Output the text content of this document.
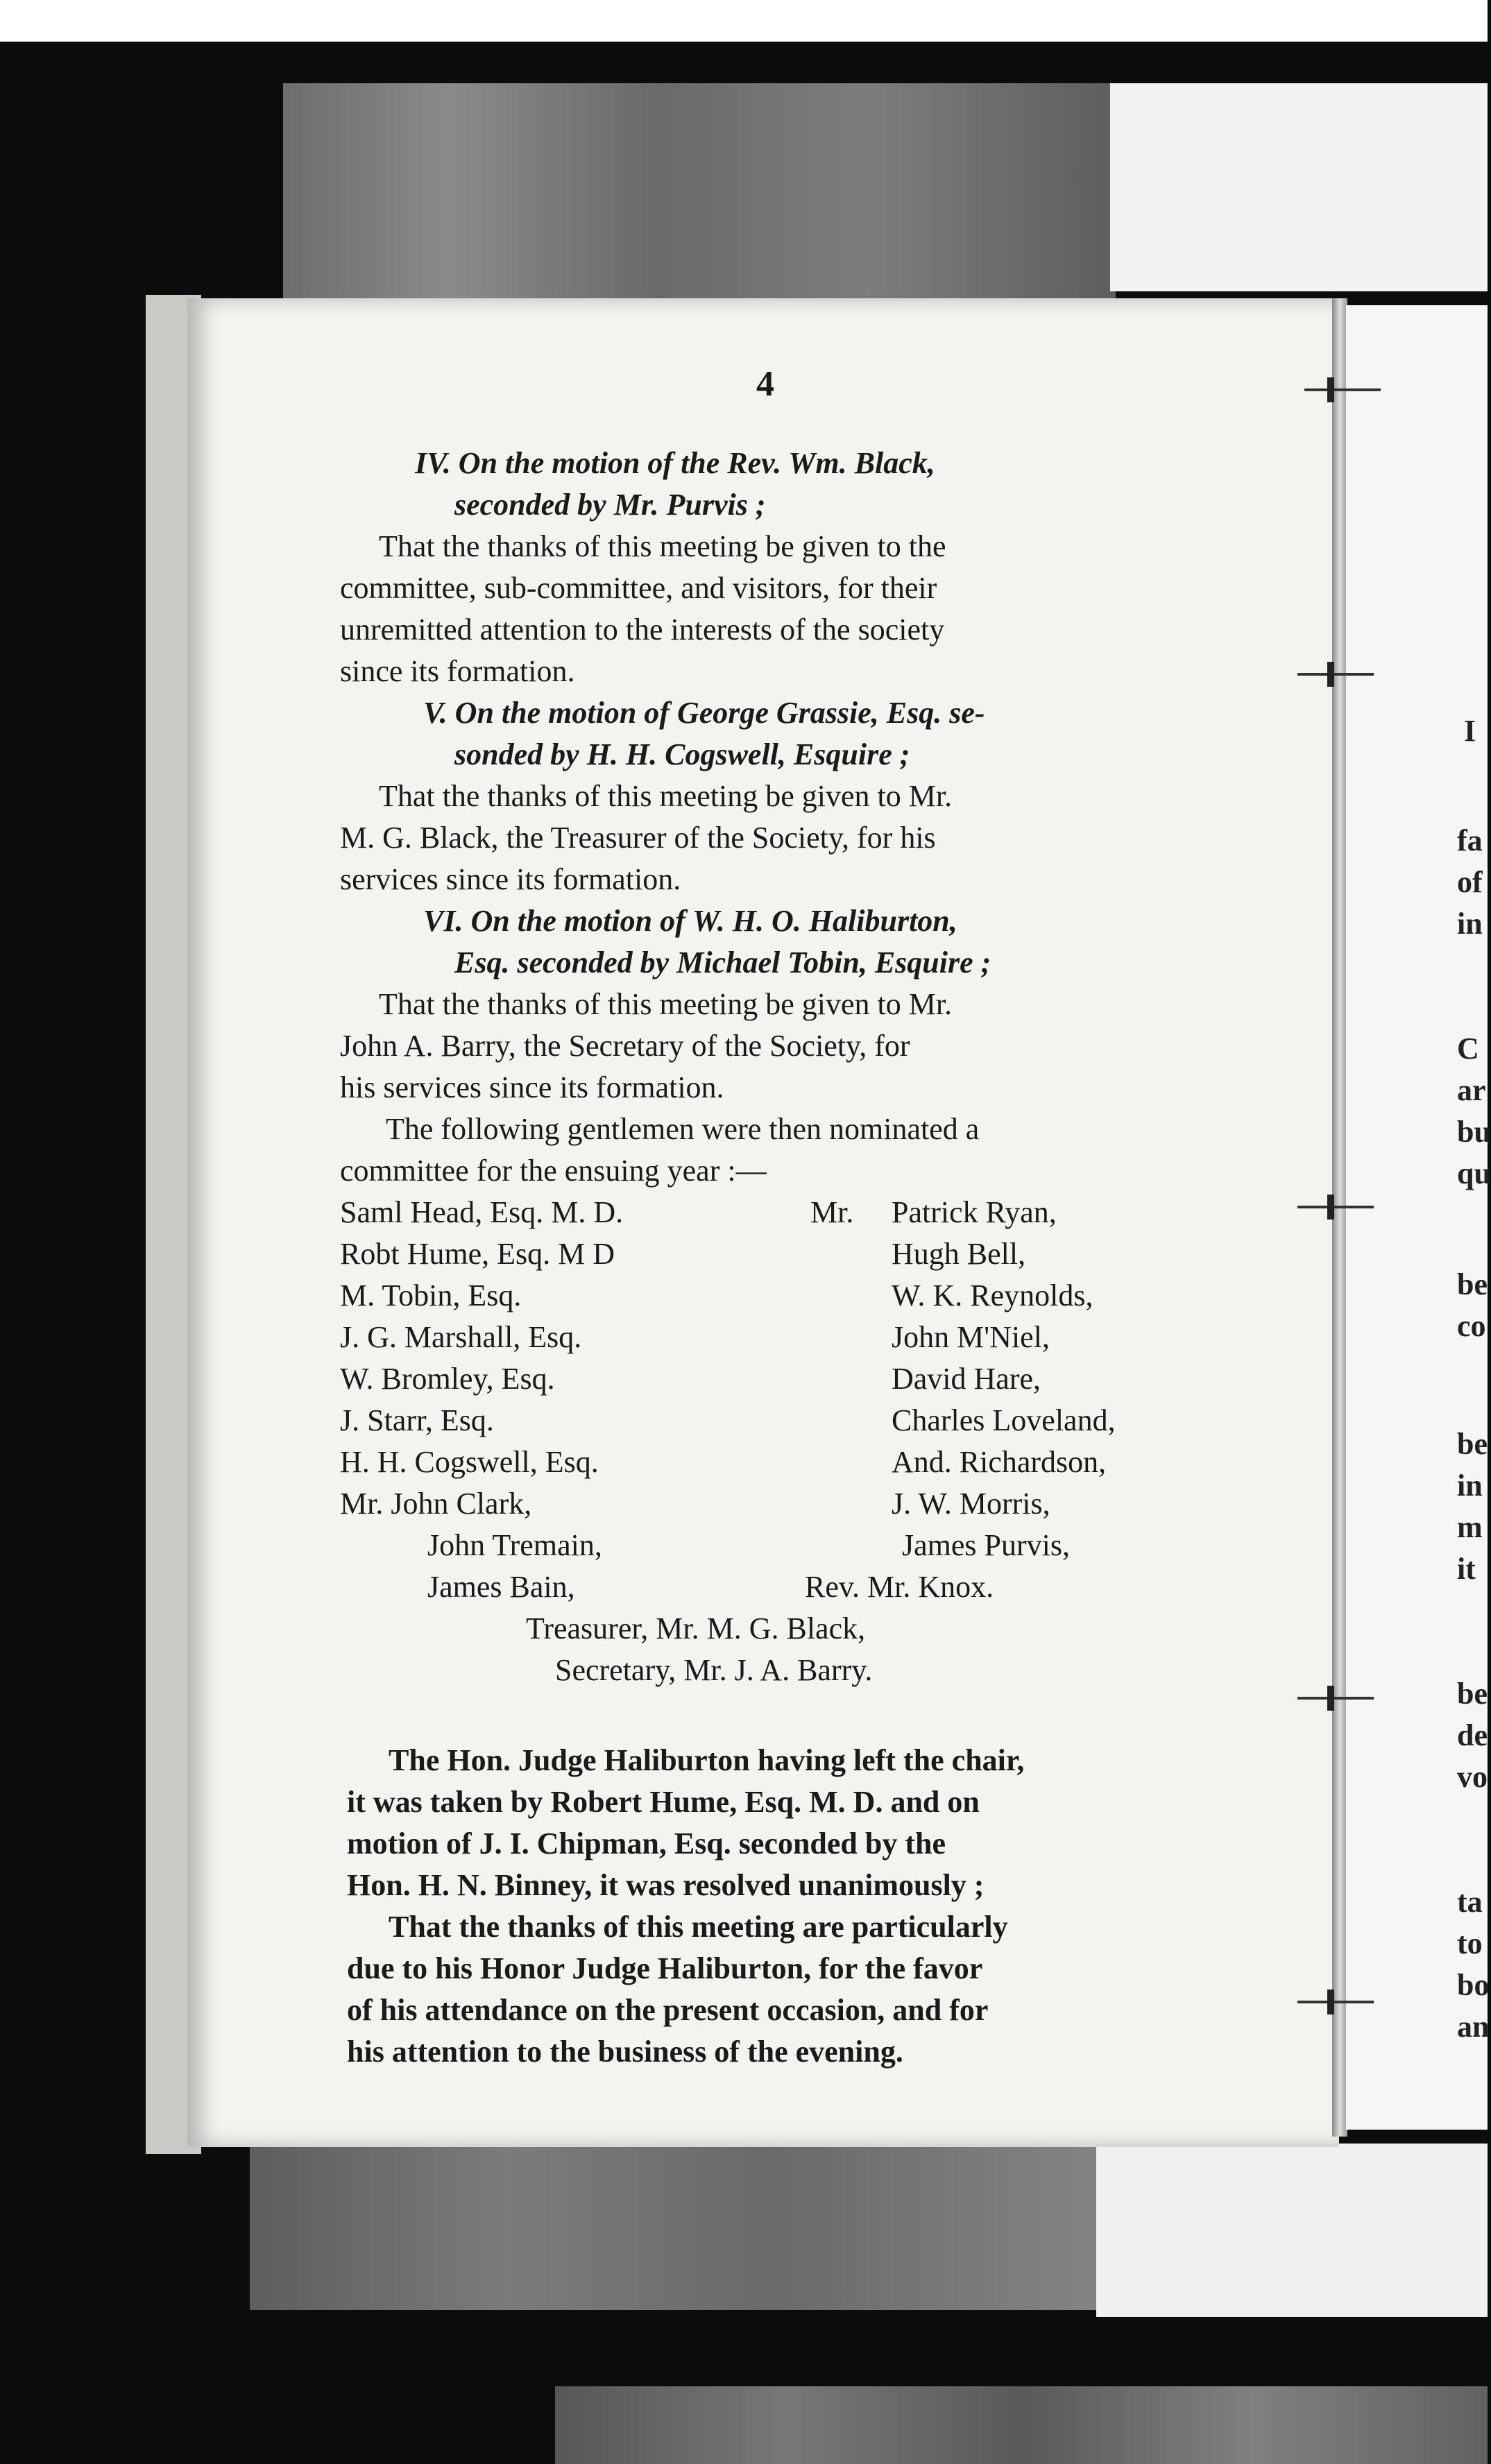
4
IV. On the motion of the Rev. Wm. Black,
seconded by Mr. Purvis ;
That the thanks of this meeting be given to the
committee, sub-committee, and visitors, for their
unremitted attention to the interests of the society
since its formation.
V. On the motion of George Grassie, Esq. se-
sonded by H. H. Cogswell, Esquire ;
That the thanks of this meeting be given to Mr.
M. G. Black, the Treasurer of the Society, for his
services since its formation.
VI. On the motion of W. H. O. Haliburton,
Esq. seconded by Michael Tobin, Esquire ;
That the thanks of this meeting be given to Mr.
John A. Barry, the Secretary of the Society, for
his services since its formation.
The following gentlemen were then nominated a
committee for the ensuing year :—
Saml Head, Esq. M. D.
Robt Hume, Esq. M D
M. Tobin, Esq.
J. G. Marshall, Esq.
W. Bromley, Esq.
J. Starr, Esq.
H. H. Cogswell, Esq.
Mr. John Clark,
John Tremain,
James Bain,
Mr. Patrick Ryan,
Hugh Bell,
W. K. Reynolds,
John M'Niel,
David Hare,
Charles Loveland,
And. Richardson,
J. W. Morris,
James Purvis,
Rev. Mr. Knox.
Treasurer, Mr. M. G. Black,
Secretary, Mr. J. A. Barry.
The Hon. Judge Haliburton having left the chair,
it was taken by Robert Hume, Esq. M. D. and on
motion of J. I. Chipman, Esq. seconded by the
Hon. H. N. Binney, it was resolved unanimously ;
That the thanks of this meeting are particularly
due to his Honor Judge Haliburton, for the favor
of his attendance on the present occasion, and for
his attention to the business of the evening.
I
fa
of
in
C
ar
bu
qu
be
co
be
in
m
it
be
de
vo
ta
to
bo
an
